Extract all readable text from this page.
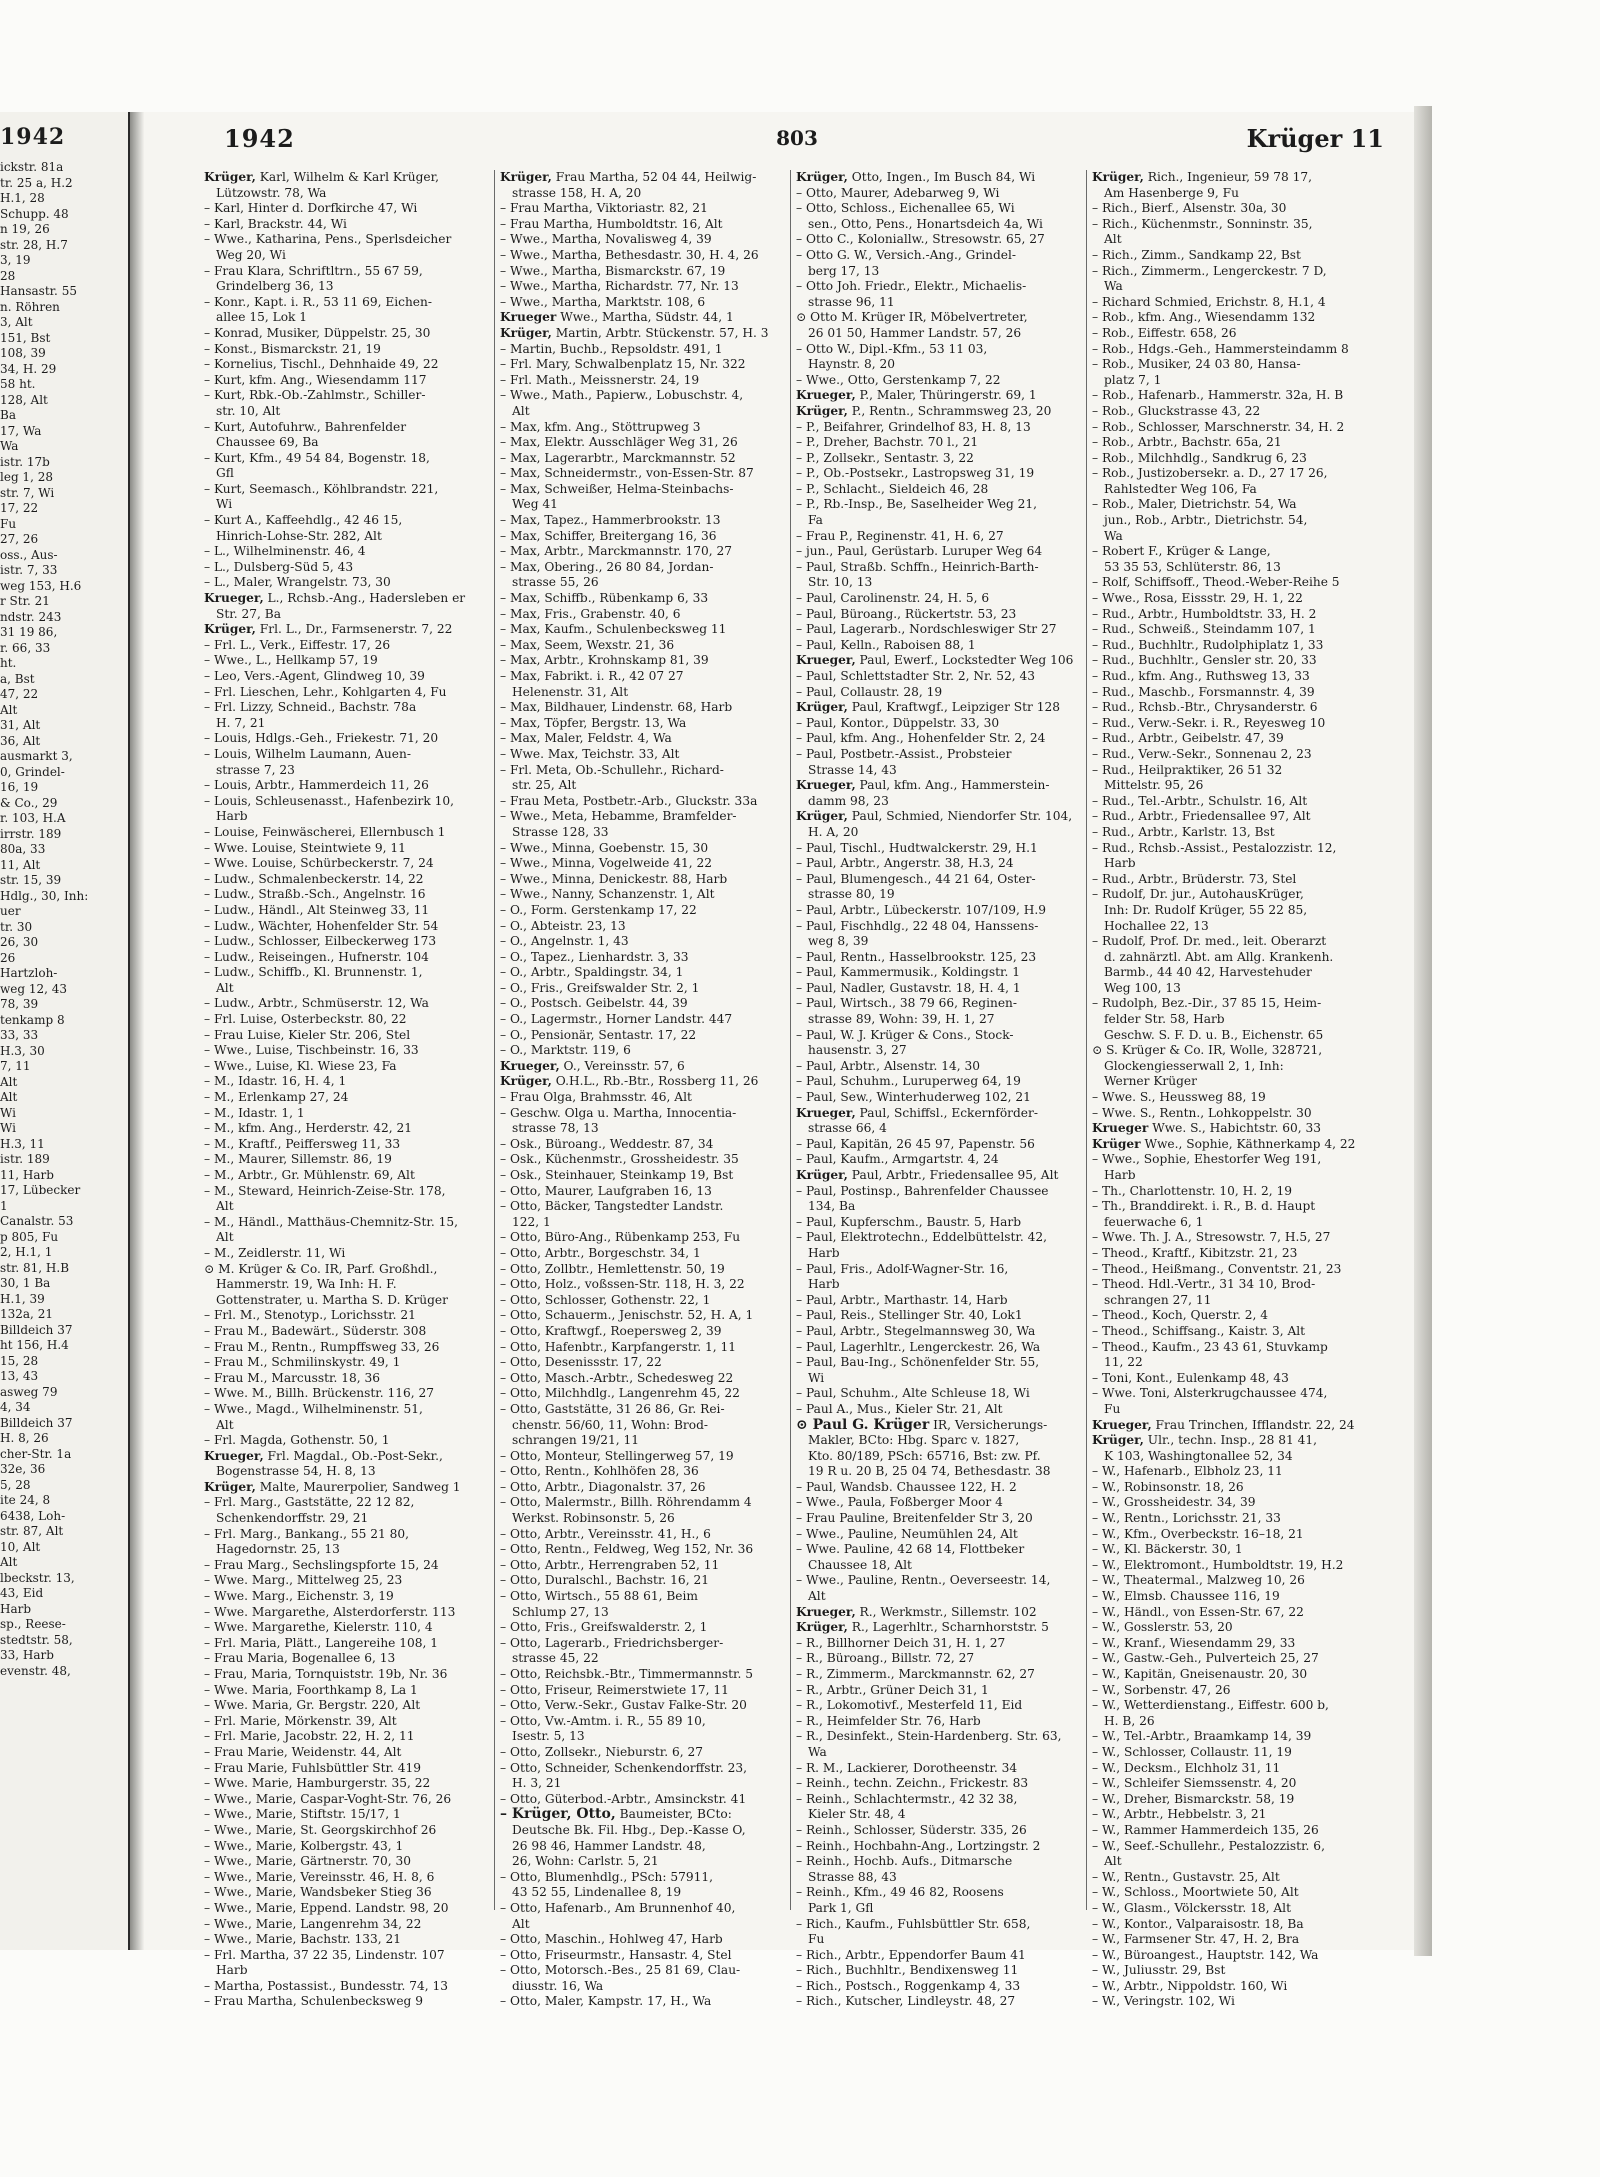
1942
ickstr. 81a
tr. 25 a, H.2
H.1, 28
Schupp. 48
n 19, 26
str. 28, H.7
3, 19
28
Hansastr. 55
n. Röhren
3, Alt
151, Bst
108, 39
34, H. 29
58 ht.
128, Alt
Ba
17, Wa
Wa
istr. 17b
leg 1, 28
str. 7, Wi
17, 22
Fu
27, 26
oss., Aus-
istr. 7, 33
weg 153, H.6
r Str. 21
ndstr. 243
31 19 86,
r. 66, 33
ht.
a, Bst
47, 22
Alt
31, Alt
36, Alt
ausmarkt 3,
0, Grindel-
16, 19
& Co., 29
r. 103, H.A
irrstr. 189
80a, 33
11, Alt
str. 15, 39
Hdlg., 30, Inh:
uer
tr. 30
26, 30
26
Hartzloh-
weg 12, 43
78, 39
tenkamp 8
33, 33
H.3, 30
7, 11
Alt
Alt
Wi
Wi
H.3, 11
istr. 189
11, Harb
17, Lübecker
1
Canalstr. 53
p 805, Fu
2, H.1, 1
str. 81, H.B
30, 1 Ba
H.1, 39
132a, 21
Billdeich 37
ht 156, H.4
15, 28
13, 43
asweg 79
4, 34
Billdeich 37
H. 8, 26
cher-Str. 1a
32e, 36
5, 28
ite 24, 8
6438, Loh-
str. 87, Alt
10, Alt
Alt
lbeckstr. 13,
43, Eid
Harb
sp., Reese-
stedtstr. 58,
33, Harb
evenstr. 48,
1942	803	Krüger 11
Krüger, Karl, Wilhelm & Karl Krüger,
Lützowstr. 78, Wa
– Karl, Hinter d. Dorfkirche 47, Wi
– Karl, Brackstr. 44, Wi
– Wwe., Katharina, Pens., Sperlsdeicher
Weg 20, Wi
– Frau Klara, Schriftltrn., 55 67 59,
Grindelberg 36, 13
– Konr., Kapt. i. R., 53 11 69, Eichen-
allee 15, Lok 1
– Konrad, Musiker, Düppelstr. 25, 30
– Konst., Bismarckstr. 21, 19
– Kornelius, Tischl., Dehnhaide 49, 22
– Kurt, kfm. Ang., Wiesendamm 117
– Kurt, Rbk.-Ob.-Zahlmstr., Schiller-
str. 10, Alt
– Kurt, Autofuhrw., Bahrenfelder
Chaussee 69, Ba
– Kurt, Kfm., 49 54 84, Bogenstr. 18,
Gfl
– Kurt, Seemasch., Köhlbrandstr. 221,
Wi
– Kurt A., Kaffeehdlg., 42 46 15,
Hinrich-Lohse-Str. 282, Alt
– L., Wilhelminenstr. 46, 4
– L., Dulsberg-Süd 5, 43
– L., Maler, Wrangelstr. 73, 30
Krueger, L., Rchsb.-Ang., Hadersleben er
Str. 27, Ba
Krüger, Frl. L., Dr., Farmsenerstr. 7, 22
– Frl. L., Verk., Eiffestr. 17, 26
– Wwe., L., Hellkamp 57, 19
– Leo, Vers.-Agent, Glindweg 10, 39
– Frl. Lieschen, Lehr., Kohlgarten 4, Fu
– Frl. Lizzy, Schneid., Bachstr. 78a
H. 7, 21
– Louis, Hdlgs.-Geh., Friekestr. 71, 20
– Louis, Wilhelm Laumann, Auen-
strasse 7, 23
– Louis, Arbtr., Hammerdeich 11, 26
– Louis, Schleusenasst., Hafenbezirk 10,
Harb
– Louise, Feinwäscherei, Ellernbusch 1
– Wwe. Louise, Steintwiete 9, 11
– Wwe. Louise, Schürbeckerstr. 7, 24
– Ludw., Schmalenbeckerstr. 14, 22
– Ludw., Straßb.-Sch., Angelnstr. 16
– Ludw., Händl., Alt Steinweg 33, 11
– Ludw., Wächter, Hohenfelder Str. 54
– Ludw., Schlosser, Eilbeckerweg 173
– Ludw., Reiseingen., Hufnerstr. 104
– Ludw., Schiffb., Kl. Brunnenstr. 1,
Alt
– Ludw., Arbtr., Schmüserstr. 12, Wa
– Frl. Luise, Osterbeckstr. 80, 22
– Frau Luise, Kieler Str. 206, Stel
– Wwe., Luise, Tischbeinstr. 16, 33
– Wwe., Luise, Kl. Wiese 23, Fa
– M., Idastr. 16, H. 4, 1
– M., Erlenkamp 27, 24
– M., Idastr. 1, 1
– M., kfm. Ang., Herderstr. 42, 21
– M., Kraftf., Peiffersweg 11, 33
– M., Maurer, Sillemstr. 86, 19
– M., Arbtr., Gr. Mühlenstr. 69, Alt
– M., Steward, Heinrich-Zeise-Str. 178,
Alt
– M., Händl., Matthäus-Chemnitz-Str. 15,
Alt
– M., Zeidlerstr. 11, Wi
⊙ M. Krüger & Co. IR, Parf. Großhdl.,
Hammerstr. 19, Wa Inh: H. F.
Gottenstrater, u. Martha S. D. Krüger
– Frl. M., Stenotyp., Lorichsstr. 21
– Frau M., Badewärt., Süderstr. 308
– Frau M., Rentn., Rumpffsweg 33, 26
– Frau M., Schmilinskystr. 49, 1
– Frau M., Marcusstr. 18, 36
– Wwe. M., Billh. Brückenstr. 116, 27
– Wwe., Magd., Wilhelminenstr. 51,
Alt
– Frl. Magda, Gothenstr. 50, 1
Krueger, Frl. Magdal., Ob.-Post-Sekr.,
Bogenstrasse 54, H. 8, 13
Krüger, Malte, Maurerpolier, Sandweg 1
– Frl. Marg., Gaststätte, 22 12 82,
Schenkendorffstr. 29, 21
– Frl. Marg., Bankang., 55 21 80,
Hagedornstr. 25, 13
– Frau Marg., Sechslingspforte 15, 24
– Wwe. Marg., Mittelweg 25, 23
– Wwe. Marg., Eichenstr. 3, 19
– Wwe. Margarethe, Alsterdorferstr. 113
– Wwe. Margarethe, Kielerstr. 110, 4
– Frl. Maria, Plätt., Langereihe 108, 1
– Frau Maria, Bogenallee 6, 13
– Frau, Maria, Tornquiststr. 19b, Nr. 36
– Wwe. Maria, Foorthkamp 8, La 1
– Wwe. Maria, Gr. Bergstr. 220, Alt
– Frl. Marie, Mörkenstr. 39, Alt
– Frl. Marie, Jacobstr. 22, H. 2, 11
– Frau Marie, Weidenstr. 44, Alt
– Frau Marie, Fuhlsbüttler Str. 419
– Wwe. Marie, Hamburgerstr. 35, 22
– Wwe., Marie, Caspar-Voght-Str. 76, 26
– Wwe., Marie, Stiftstr. 15/17, 1
– Wwe., Marie, St. Georgskirchhof 26
– Wwe., Marie, Kolbergstr. 43, 1
– Wwe., Marie, Gärtnerstr. 70, 30
– Wwe., Marie, Vereinsstr. 46, H. 8, 6
– Wwe., Marie, Wandsbeker Stieg 36
– Wwe., Marie, Eppend. Landstr. 98, 20
– Wwe., Marie, Langenrehm 34, 22
– Wwe., Marie, Bachstr. 133, 21
– Frl. Martha, 37 22 35, Lindenstr. 107
Harb
– Martha, Postassist., Bundesstr. 74, 13
– Frau Martha, Schulenbecksweg 9
Krüger, Frau Martha, 52 04 44, Heilwig-
strasse 158, H. A, 20
– Frau Martha, Viktoriastr. 82, 21
– Frau Martha, Humboldtstr. 16, Alt
– Wwe., Martha, Novalisweg 4, 39
– Wwe., Martha, Bethesdastr. 30, H. 4, 26
– Wwe., Martha, Bismarckstr. 67, 19
– Wwe., Martha, Richardstr. 77, Nr. 13
– Wwe., Martha, Marktstr. 108, 6
Krueger Wwe., Martha, Südstr. 44, 1
Krüger, Martin, Arbtr. Stückenstr. 57, H. 3
– Martin, Buchb., Repsoldstr. 491, 1
– Frl. Mary, Schwalbenplatz 15, Nr. 322
– Frl. Math., Meissnerstr. 24, 19
– Wwe., Math., Papierw., Lobuschstr. 4,
Alt
– Max, kfm. Ang., Stöttrupweg 3
– Max, Elektr. Ausschläger Weg 31, 26
– Max, Lagerarbtr., Marckmannstr. 52
– Max, Schneidermstr., von-Essen-Str. 87
– Max, Schweißer, Helma-Steinbachs-
Weg 41
– Max, Tapez., Hammerbrookstr. 13
– Max, Schiffer, Breitergang 16, 36
– Max, Arbtr., Marckmannstr. 170, 27
– Max, Obering., 26 80 84, Jordan-
strasse 55, 26
– Max, Schiffb., Rübenkamp 6, 33
– Max, Fris., Grabenstr. 40, 6
– Max, Kaufm., Schulenbecksweg 11
– Max, Seem, Wexstr. 21, 36
– Max, Arbtr., Krohnskamp 81, 39
– Max, Fabrikt. i. R., 42 07 27
Helenenstr. 31, Alt
– Max, Bildhauer, Lindenstr. 68, Harb
– Max, Töpfer, Bergstr. 13, Wa
– Max, Maler, Feldstr. 4, Wa
– Wwe. Max, Teichstr. 33, Alt
– Frl. Meta, Ob.-Schullehr., Richard-
str. 25, Alt
– Frau Meta, Postbetr.-Arb., Gluckstr. 33a
– Wwe., Meta, Hebamme, Bramfelder-
Strasse 128, 33
– Wwe., Minna, Goebenstr. 15, 30
– Wwe., Minna, Vogelweide 41, 22
– Wwe., Minna, Denickestr. 88, Harb
– Wwe., Nanny, Schanzenstr. 1, Alt
– O., Form. Gerstenkamp 17, 22
– O., Abteistr. 23, 13
– O., Angelnstr. 1, 43
– O., Tapez., Lienhardstr. 3, 33
– O., Arbtr., Spaldingstr. 34, 1
– O., Fris., Greifswalder Str. 2, 1
– O., Postsch. Geibelstr. 44, 39
– O., Lagermstr., Horner Landstr. 447
– O., Pensionär, Sentastr. 17, 22
– O., Marktstr. 119, 6
Krueger, O., Vereinsstr. 57, 6
Krüger, O.H.L., Rb.-Btr., Rossberg 11, 26
– Frau Olga, Brahmsstr. 46, Alt
– Geschw. Olga u. Martha, Innocentia-
strasse 78, 13
– Osk., Büroang., Weddestr. 87, 34
– Osk., Küchenmstr., Grossheidestr. 35
– Osk., Steinhauer, Steinkamp 19, Bst
– Otto, Maurer, Laufgraben 16, 13
– Otto, Bäcker, Tangstedter Landstr.
122, 1
– Otto, Büro-Ang., Rübenkamp 253, Fu
– Otto, Arbtr., Borgeschstr. 34, 1
– Otto, Zollbtr., Hemlettenstr. 50, 19
– Otto, Holz., voßssen-Str. 118, H. 3, 22
– Otto, Schlosser, Gothenstr. 22, 1
– Otto, Schauerm., Jenischstr. 52, H. A, 1
– Otto, Kraftwgf., Roepersweg 2, 39
– Otto, Hafenbtr., Karpfangerstr. 1, 11
– Otto, Desenissstr. 17, 22
– Otto, Masch.-Arbtr., Schedesweg 22
– Otto, Milchhdlg., Langenrehm 45, 22
– Otto, Gaststätte, 31 26 86, Gr. Rei-
chenstr. 56/60, 11, Wohn: Brod-
schrangen 19/21, 11
– Otto, Monteur, Stellingerweg 57, 19
– Otto, Rentn., Kohlhöfen 28, 36
– Otto, Arbtr., Diagonalstr. 37, 26
– Otto, Malermstr., Billh. Röhrendamm 4
Werkst. Robinsonstr. 5, 26
– Otto, Arbtr., Vereinsstr. 41, H., 6
– Otto, Rentn., Feldweg, Weg 152, Nr. 36
– Otto, Arbtr., Herrengraben 52, 11
– Otto, Duralschl., Bachstr. 16, 21
– Otto, Wirtsch., 55 88 61, Beim
Schlump 27, 13
– Otto, Fris., Greifswalderstr. 2, 1
– Otto, Lagerarb., Friedrichsberger-
strasse 45, 22
– Otto, Reichsbk.-Btr., Timmermannstr. 5
– Otto, Friseur, Reimerstwiete 17, 11
– Otto, Verw.-Sekr., Gustav Falke-Str. 20
– Otto, Vw.-Amtm. i. R., 55 89 10,
Isestr. 5, 13
– Otto, Zollsekr., Nieburstr. 6, 27
– Otto, Schneider, Schenkendorffstr. 23,
H. 3, 21
– Otto, Güterbod.-Arbtr., Amsinckstr. 41
– Krüger, Otto, Baumeister, BCto:
Deutsche Bk. Fil. Hbg., Dep.-Kasse O,
26 98 46, Hammer Landstr. 48,
26, Wohn: Carlstr. 5, 21
– Otto, Blumenhdlg., PSch: 57911,
43 52 55, Lindenallee 8, 19
– Otto, Hafenarb., Am Brunnenhof 40,
Alt
– Otto, Maschin., Hohlweg 47, Harb
– Otto, Friseurmstr., Hansastr. 4, Stel
– Otto, Motorsch.-Bes., 25 81 69, Clau-
diusstr. 16, Wa
– Otto, Maler, Kampstr. 17, H., Wa
Krüger, Otto, Ingen., Im Busch 84, Wi
– Otto, Maurer, Adebarweg 9, Wi
– Otto, Schloss., Eichenallee 65, Wi
sen., Otto, Pens., Honartsdeich 4a, Wi
– Otto C., Koloniallw., Stresowstr. 65, 27
– Otto G. W., Versich.-Ang., Grindel-
berg 17, 13
– Otto Joh. Friedr., Elektr., Michaelis-
strasse 96, 11
⊙ Otto M. Krüger IR, Möbelvertreter,
26 01 50, Hammer Landstr. 57, 26
– Otto W., Dipl.-Kfm., 53 11 03,
Haynstr. 8, 20
– Wwe., Otto, Gerstenkamp 7, 22
Krueger, P., Maler, Thüringerstr. 69, 1
Krüger, P., Rentn., Schrammsweg 23, 20
– P., Beifahrer, Grindelhof 83, H. 8, 13
– P., Dreher, Bachstr. 70 l., 21
– P., Zollsekr., Sentastr. 3, 22
– P., Ob.-Postsekr., Lastropsweg 31, 19
– P., Schlacht., Sieldeich 46, 28
– P., Rb.-Insp., Be, Saselheider Weg 21,
Fa
– Frau P., Reginenstr. 41, H. 6, 27
– jun., Paul, Gerüstarb. Luruper Weg 64
– Paul, Straßb. Schffn., Heinrich-Barth-
Str. 10, 13
– Paul, Carolinenstr. 24, H. 5, 6
– Paul, Büroang., Rückertstr. 53, 23
– Paul, Lagerarb., Nordschleswiger Str 27
– Paul, Kelln., Raboisen 88, 1
Krueger, Paul, Ewerf., Lockstedter Weg 106
– Paul, Schlettstadter Str. 2, Nr. 52, 43
– Paul, Collaustr. 28, 19
Krüger, Paul, Kraftwgf., Leipziger Str 128
– Paul, Kontor., Düppelstr. 33, 30
– Paul, kfm. Ang., Hohenfelder Str. 2, 24
– Paul, Postbetr.-Assist., Probsteier
Strasse 14, 43
Krueger, Paul, kfm. Ang., Hammerstein-
damm 98, 23
Krüger, Paul, Schmied, Niendorfer Str. 104,
H. A, 20
– Paul, Tischl., Hudtwalckerstr. 29, H.1
– Paul, Arbtr., Angerstr. 38, H.3, 24
– Paul, Blumengesch., 44 21 64, Oster-
strasse 80, 19
– Paul, Arbtr., Lübeckerstr. 107/109, H.9
– Paul, Fischhdlg., 22 48 04, Hanssens-
weg 8, 39
– Paul, Rentn., Hasselbrookstr. 125, 23
– Paul, Kammermusik., Koldingstr. 1
– Paul, Nadler, Gustavstr. 18, H. 4, 1
– Paul, Wirtsch., 38 79 66, Reginen-
strasse 89, Wohn: 39, H. 1, 27
– Paul, W. J. Krüger & Cons., Stock-
hausenstr. 3, 27
– Paul, Arbtr., Alsenstr. 14, 30
– Paul, Schuhm., Luruperweg 64, 19
– Paul, Sew., Winterhuderweg 102, 21
Krueger, Paul, Schiffsl., Eckernförder-
strasse 66, 4
– Paul, Kapitän, 26 45 97, Papenstr. 56
– Paul, Kaufm., Armgartstr. 4, 24
Krüger, Paul, Arbtr., Friedensallee 95, Alt
– Paul, Postinsp., Bahrenfelder Chaussee
134, Ba
– Paul, Kupferschm., Baustr. 5, Harb
– Paul, Elektrotechn., Eddelbüttelstr. 42,
Harb
– Paul, Fris., Adolf-Wagner-Str. 16,
Harb
– Paul, Arbtr., Marthastr. 14, Harb
– Paul, Reis., Stellinger Str. 40, Lok1
– Paul, Arbtr., Stegelmannsweg 30, Wa
– Paul, Lagerhltr., Lengerckestr. 26, Wa
– Paul, Bau-Ing., Schönenfelder Str. 55,
Wi
– Paul, Schuhm., Alte Schleuse 18, Wi
– Paul A., Mus., Kieler Str. 21, Alt
⊙ Paul G. Krüger IR, Versicherungs-
Makler, BCto: Hbg. Sparc v. 1827,
Kto. 80/189, PSch: 65716, Bst: zw. Pf.
19 R u. 20 B, 25 04 74, Bethesdastr. 38
– Paul, Wandsb. Chaussee 122, H. 2
– Wwe., Paula, Foßberger Moor 4
– Frau Pauline, Breitenfelder Str 3, 20
– Wwe., Pauline, Neumühlen 24, Alt
– Wwe. Pauline, 42 68 14, Flottbeker
Chaussee 18, Alt
– Wwe., Pauline, Rentn., Oeverseestr. 14,
Alt
Krueger, R., Werkmstr., Sillemstr. 102
Krüger, R., Lagerhltr., Scharnhorststr. 5
– R., Billhorner Deich 31, H. 1, 27
– R., Büroang., Billstr. 72, 27
– R., Zimmerm., Marckmannstr. 62, 27
– R., Arbtr., Grüner Deich 31, 1
– R., Lokomotivf., Mesterfeld 11, Eid
– R., Heimfelder Str. 76, Harb
– R., Desinfekt., Stein-Hardenberg. Str. 63,
Wa
– R. M., Lackierer, Dorotheenstr. 34
– Reinh., techn. Zeichn., Frickestr. 83
– Reinh., Schlachtermstr., 42 32 38,
Kieler Str. 48, 4
– Reinh., Schlosser, Süderstr. 335, 26
– Reinh., Hochbahn-Ang., Lortzingstr. 2
– Reinh., Hochb. Aufs., Ditmarsche
Strasse 88, 43
– Reinh., Kfm., 49 46 82, Roosens
Park 1, Gfl
– Rich., Kaufm., Fuhlsbüttler Str. 658,
Fu
– Rich., Arbtr., Eppendorfer Baum 41
– Rich., Buchhltr., Bendixensweg 11
– Rich., Postsch., Roggenkamp 4, 33
– Rich., Kutscher, Lindleystr. 48, 27
Krüger, Rich., Ingenieur, 59 78 17,
Am Hasenberge 9, Fu
– Rich., Bierf., Alsenstr. 30a, 30
– Rich., Küchenmstr., Sonninstr. 35,
Alt
– Rich., Zimm., Sandkamp 22, Bst
– Rich., Zimmerm., Lengerckestr. 7 D,
Wa
– Richard Schmied, Erichstr. 8, H.1, 4
– Rob., kfm. Ang., Wiesendamm 132
– Rob., Eiffestr. 658, 26
– Rob., Hdgs.-Geh., Hammersteindamm 8
– Rob., Musiker, 24 03 80, Hansa-
platz 7, 1
– Rob., Hafenarb., Hammerstr. 32a, H. B
– Rob., Gluckstrasse 43, 22
– Rob., Schlosser, Marschnerstr. 34, H. 2
– Rob., Arbtr., Bachstr. 65a, 21
– Rob., Milchhdlg., Sandkrug 6, 23
– Rob., Justizobersekr. a. D., 27 17 26,
Rahlstedter Weg 106, Fa
– Rob., Maler, Dietrichstr. 54, Wa
jun., Rob., Arbtr., Dietrichstr. 54,
Wa
– Robert F., Krüger & Lange,
53 35 53, Schlüterstr. 86, 13
– Rolf, Schiffsoff., Theod.-Weber-Reihe 5
– Wwe., Rosa, Eissstr. 29, H. 1, 22
– Rud., Arbtr., Humboldtstr. 33, H. 2
– Rud., Schweiß., Steindamm 107, 1
– Rud., Buchhltr., Rudolphiplatz 1, 33
– Rud., Buchhltr., Gensler str. 20, 33
– Rud., kfm. Ang., Ruthsweg 13, 33
– Rud., Maschb., Forsmannstr. 4, 39
– Rud., Rchsb.-Btr., Chrysanderstr. 6
– Rud., Verw.-Sekr. i. R., Reyesweg 10
– Rud., Arbtr., Geibelstr. 47, 39
– Rud., Verw.-Sekr., Sonnenau 2, 23
– Rud., Heilpraktiker, 26 51 32
Mittelstr. 95, 26
– Rud., Tel.-Arbtr., Schulstr. 16, Alt
– Rud., Arbtr., Friedensallee 97, Alt
– Rud., Arbtr., Karlstr. 13, Bst
– Rud., Rchsb.-Assist., Pestalozzistr. 12,
Harb
– Rud., Arbtr., Brüderstr. 73, Stel
– Rudolf, Dr. jur., AutohausKrüger,
Inh: Dr. Rudolf Krüger, 55 22 85,
Hochallee 22, 13
– Rudolf, Prof. Dr. med., leit. Oberarzt
d. zahnärztl. Abt. am Allg. Krankenh.
Barmb., 44 40 42, Harvestehuder
Weg 100, 13
– Rudolph, Bez.-Dir., 37 85 15, Heim-
felder Str. 58, Harb
Geschw. S. F. D. u. B., Eichenstr. 65
⊙ S. Krüger & Co. IR, Wolle, 328721,
Glockengiesserwall 2, 1, Inh:
Werner Krüger
– Wwe. S., Heussweg 88, 19
– Wwe. S., Rentn., Lohkoppelstr. 30
Krueger Wwe. S., Habichtstr. 60, 33
Krüger Wwe., Sophie, Käthnerkamp 4, 22
– Wwe., Sophie, Ehestorfer Weg 191,
Harb
– Th., Charlottenstr. 10, H. 2, 19
– Th., Branddirekt. i. R., B. d. Haupt
feuerwache 6, 1
– Wwe. Th. J. A., Stresowstr. 7, H.5, 27
– Theod., Kraftf., Kibitzstr. 21, 23
– Theod., Heißmang., Conventstr. 21, 23
– Theod. Hdl.-Vertr., 31 34 10, Brod-
schrangen 27, 11
– Theod., Koch, Querstr. 2, 4
– Theod., Schiffsang., Kaistr. 3, Alt
– Theod., Kaufm., 23 43 61, Stuvkamp
11, 22
– Toni, Kont., Eulenkamp 48, 43
– Wwe. Toni, Alsterkrugchaussee 474,
Fu
Krueger, Frau Trinchen, Ifflandstr. 22, 24
Krüger, Ulr., techn. Insp., 28 81 41,
K 103, Washingtonallee 52, 34
– W., Hafenarb., Elbholz 23, 11
– W., Robinsonstr. 18, 26
– W., Grossheidestr. 34, 39
– W., Rentn., Lorichsstr. 21, 33
– W., Kfm., Overbeckstr. 16–18, 21
– W., Kl. Bäckerstr. 30, 1
– W., Elektromont., Humboldtstr. 19, H.2
– W., Theatermal., Malzweg 10, 26
– W., Elmsb. Chaussee 116, 19
– W., Händl., von Essen-Str. 67, 22
– W., Gosslerstr. 53, 20
– W., Kranf., Wiesendamm 29, 33
– W., Gastw.-Geh., Pulverteich 25, 27
– W., Kapitän, Gneisenaustr. 20, 30
– W., Sorbenstr. 47, 26
– W., Wetterdienstang., Eiffestr. 600 b,
H. B, 26
– W., Tel.-Arbtr., Braamkamp 14, 39
– W., Schlosser, Collaustr. 11, 19
– W., Decksm., Elchholz 31, 11
– W., Schleifer Siemssenstr. 4, 20
– W., Dreher, Bismarckstr. 58, 19
– W., Arbtr., Hebbelstr. 3, 21
– W., Rammer Hammerdeich 135, 26
– W., Seef.-Schullehr., Pestalozzistr. 6,
Alt
– W., Rentn., Gustavstr. 25, Alt
– W., Schloss., Moortwiete 50, Alt
– W., Glasm., Völckersstr. 18, Alt
– W., Kontor., Valparaisostr. 18, Ba
– W., Farmsener Str. 47, H. 2, Bra
– W., Büroangest., Hauptstr. 142, Wa
– W., Juliusstr. 29, Bst
– W., Arbtr., Nippoldstr. 160, Wi
– W., Veringstr. 102, Wi
